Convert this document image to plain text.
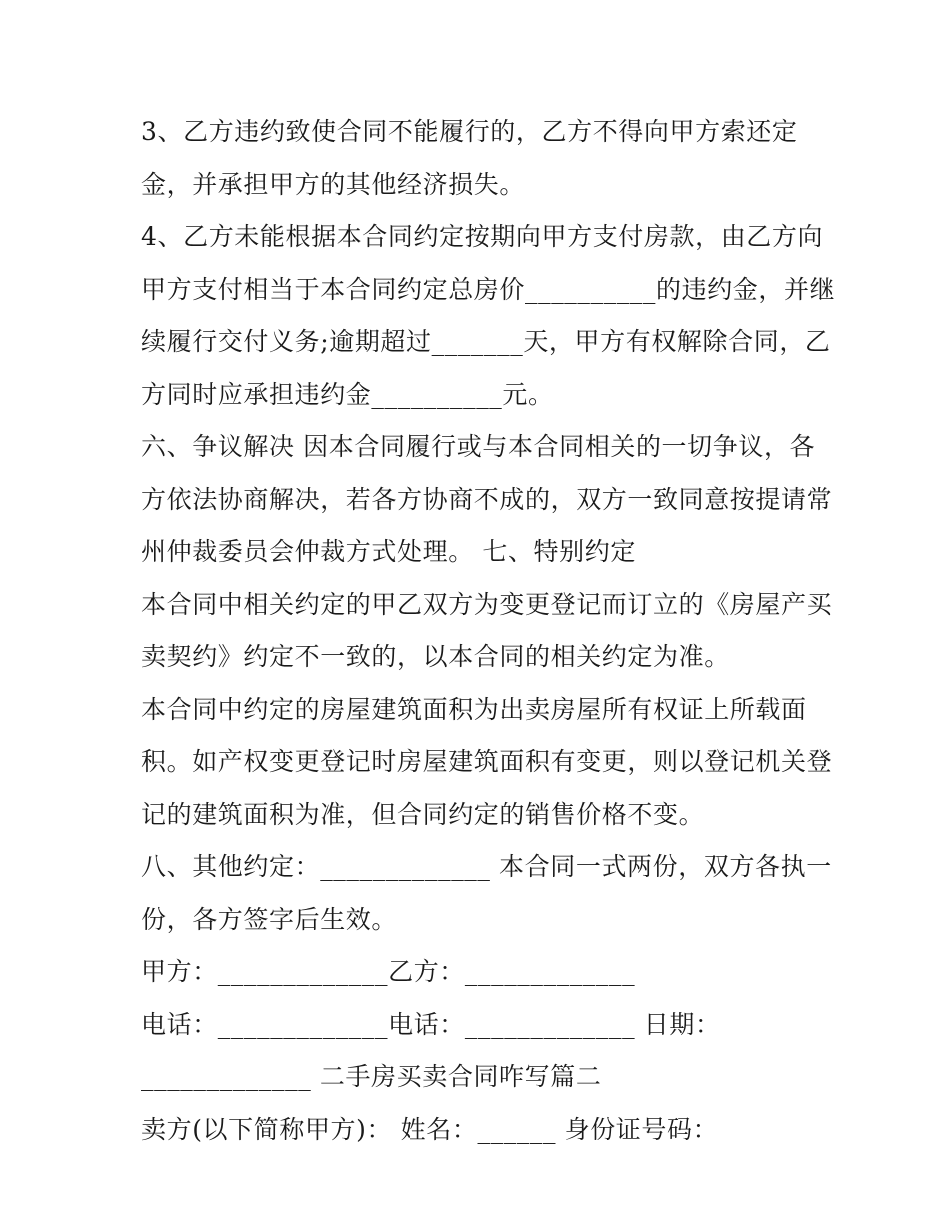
3、乙方违约致使合同不能履行的，乙方不得向甲方索还定
金，并承担甲方的其他经济损失。
4、乙方未能根据本合同约定按期向甲方支付房款，由乙方向
甲方支付相当于本合同约定总房价__________的违约金，并继
续履行交付义务;逾期超过_______天，甲方有权解除合同，乙
方同时应承担违约金__________元。
六、争议解决 因本合同履行或与本合同相关的一切争议，各
方依法协商解决，若各方协商不成的，双方一致同意按提请常
州仲裁委员会仲裁方式处理。 七、特别约定
本合同中相关约定的甲乙双方为变更登记而订立的《房屋产买
卖契约》约定不一致的，以本合同的相关约定为准。
本合同中约定的房屋建筑面积为出卖房屋所有权证上所载面
积。如产权变更登记时房屋建筑面积有变更，则以登记机关登
记的建筑面积为准，但合同约定的销售价格不变。
八、其他约定：_____________ 本合同一式两份，双方各执一
份，各方签字后生效。
甲方：_____________乙方：_____________
电话：_____________电话：_____________ 日期：
_____________ 二手房买卖合同咋写篇二
卖方(以下简称甲方)： 姓名：______ 身份证号码：
